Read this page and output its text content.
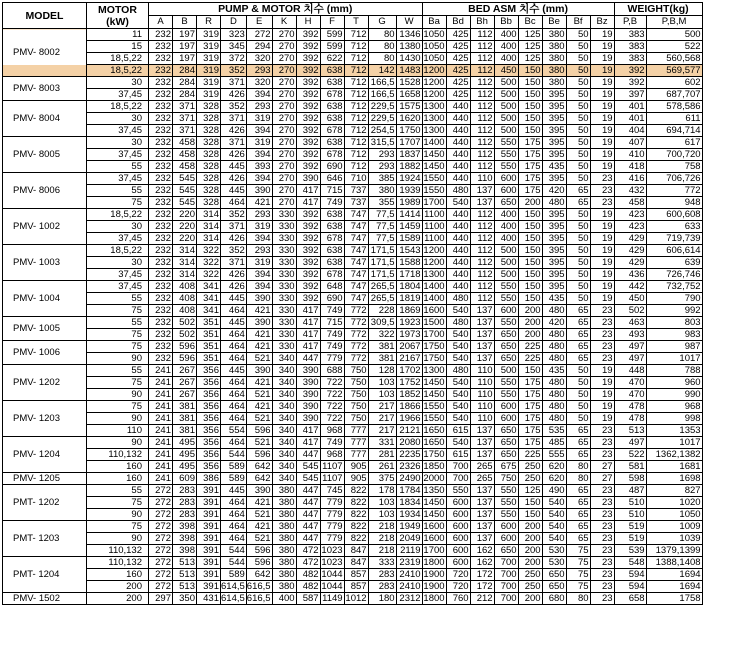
MODEL	MOTOR
(kW)	PUMP & MOTOR 치수 (mm)											BED ASM 치수 (mm)								WEIGHT(kg)	
		A	B	R	D	E	K	H	F	T	G	W	Ba	Bd	Bh	Bb	Bc	Be	Bf	Bz	P,B	P,B,M
PMV- 8002	11	232	197	319	323	272	270	392	599	712	80	1346	1050	425	112	400	125	380	50	19	383	500
	15	232	197	319	345	294	270	392	599	712	80	1380	1050	425	112	400	125	380	50	19	383	522
	18,5,22	232	197	319	372	320	270	392	622	712	80	1430	1050	425	112	400	125	380	50	19	383	560,568
	18,5,22	232	284	319	352	293	270	392	638	712	142	1483	1200	425	112	450	150	380	50	19	392	569,577
PMV- 8003	30	232	284	319	371	320	270	392	638	712	166,5	1528	1200	425	112	500	150	380	50	19	392	602
	37,45	232	284	319	426	394	270	392	678	712	166,5	1658	1200	425	112	500	150	395	50	19	397	687,707
PMV- 8004	18,5,22	232	371	328	352	293	270	392	638	712	229,5	1575	1300	440	112	500	150	395	50	19	401	578,586
	30	232	371	328	371	319	270	392	638	712	229,5	1620	1300	440	112	500	150	395	50	19	401	611
	37,45	232	371	328	426	394	270	392	678	712	254,5	1750	1300	440	112	500	150	395	50	19	404	694,714
PMV- 8005	30	232	458	328	371	319	270	392	638	712	315,5	1707	1400	440	112	550	175	395	50	19	407	617
	37,45	232	458	328	426	394	270	392	678	712	293	1837	1450	440	112	550	175	395	50	19	410	700,720
	55	232	458	328	445	393	270	392	690	712	293	1882	1450	440	112	550	175	435	50	19	418	758
PMV- 8006	37,45	232	545	328	426	394	270	390	646	710	385	1924	1550	440	110	600	175	395	50	23	416	706,726
	55	232	545	328	445	390	270	417	715	737	380	1939	1550	480	137	600	175	420	65	23	432	772
	75	232	545	328	464	421	270	417	749	737	355	1989	1700	540	137	650	200	480	65	23	458	948
PMV- 1002	18,5,22	232	220	314	352	293	330	392	638	747	77,5	1414	1100	440	112	400	150	395	50	19	423	600,608
	30	232	220	314	371	319	330	392	638	747	77,5	1459	1100	440	112	400	150	395	50	19	423	633
	37,45	232	220	314	426	394	330	392	678	747	77,5	1589	1100	440	112	400	150	395	50	19	429	719,739
PMV- 1003	18,5,22	232	314	322	352	293	330	392	638	747	171,5	1543	1200	440	112	500	150	395	50	19	429	606,614
	30	232	314	322	371	319	330	392	638	747	171,5	1588	1200	440	112	500	150	395	50	19	429	639
	37,45	232	314	322	426	394	330	392	678	747	171,5	1718	1300	440	112	500	150	395	50	19	436	726,746
PMV- 1004	37,45	232	408	341	426	394	330	392	648	747	265,5	1804	1400	440	112	550	150	395	50	19	442	732,752
	55	232	408	341	445	390	330	392	690	747	265,5	1819	1400	480	112	550	150	435	50	19	450	790
	75	232	408	341	464	421	330	417	749	772	228	1869	1600	540	137	600	200	480	65	23	502	992
PMV- 1005	55	232	502	351	445	390	330	417	715	772	309,5	1923	1500	480	137	550	200	420	65	23	463	803
	75	232	502	351	464	421	330	417	749	772	322	1973	1700	540	137	650	200	480	65	23	493	983
PMV- 1006	75	232	596	351	464	421	330	417	749	772	381	2067	1750	540	137	650	225	480	65	23	497	987
	90	232	596	351	464	521	340	447	779	772	381	2167	1750	540	137	650	225	480	65	23	497	1017
PMV- 1202	55	241	267	356	445	390	340	390	688	750	128	1702	1300	480	110	500	150	435	50	19	448	788
	75	241	267	356	464	421	340	390	722	750	103	1752	1450	540	110	550	175	480	50	19	470	960
	90	241	267	356	464	521	340	390	722	750	103	1852	1450	540	110	550	175	480	50	19	470	990
PMV- 1203	75	241	381	356	464	421	340	390	722	750	217	1866	1550	540	110	600	175	480	50	19	478	968
	90	241	381	356	464	521	340	390	722	750	217	1966	1550	540	110	600	175	480	50	19	478	998
	110	241	381	356	554	596	340	417	968	777	217	2121	1650	615	137	650	175	535	65	23	513	1353
PMV- 1204	90	241	495	356	464	521	340	417	749	777	331	2080	1650	540	137	650	175	485	65	23	497	1017
	110,132	241	495	356	544	596	340	447	968	777	281	2235	1750	615	137	650	225	555	65	23	522	1362,1382
	160	241	495	356	589	642	340	545	1107	905	261	2326	1850	700	265	675	250	620	80	27	581	1681
PMV- 1205	160	241	609	386	589	642	340	545	1107	905	375	2490	2000	700	265	750	250	620	80	27	598	1698
PMT- 1202	55	272	283	391	445	390	380	447	745	822	178	1784	1350	550	137	550	125	490	65	23	487	827
	75	272	283	391	464	421	380	447	779	822	103	1834	1450	600	137	550	150	540	65	23	510	1020
	90	272	283	391	464	521	380	447	779	822	103	1934	1450	600	137	550	150	540	65	23	510	1050
PMT- 1203	75	272	398	391	464	421	380	447	779	822	218	1949	1600	600	137	600	200	540	65	23	519	1009
	90	272	398	391	464	521	380	447	779	822	218	2049	1600	600	137	600	200	540	65	23	519	1039
	110,132	272	398	391	544	596	380	472	1023	847	218	2119	1700	600	162	650	200	530	75	23	539	1379,1399
PMT- 1204	110,132	272	513	391	544	596	380	472	1023	847	333	2319	1800	600	162	700	200	530	75	23	548	1388,1408
	160	272	513	391	589	642	380	482	1044	857	283	2410	1900	720	172	700	250	650	75	23	594	1694
	200	272	513	391	614,5	616,5	380	482	1044	857	283	2410	1900	720	172	700	250	650	75	23	594	1694
PMV- 1502	200	297	350	431	614,5	616,5	400	587	1149	1012	180	2312	1800	760	212	700	200	680	80	23	658	1758
